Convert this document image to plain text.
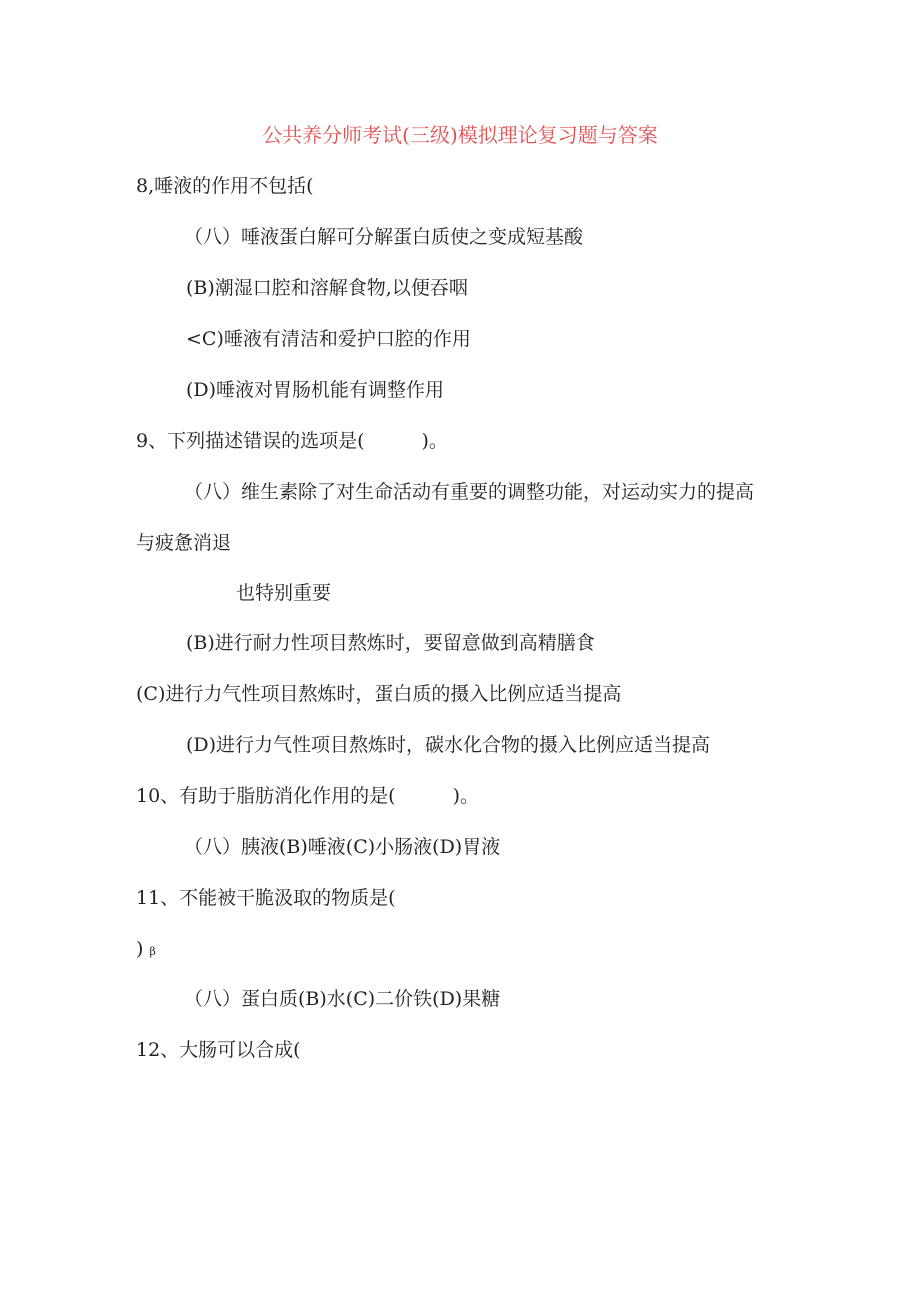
公共养分师考试(三级)模拟理论复习题与答案
8,唾液的作用不包括(
（八）唾液蛋白解可分解蛋白质使之变成短基酸
(B)潮湿口腔和溶解食物,以便吞咽
<C)唾液有清洁和爱护口腔的作用
(D)唾液对胃肠机能有调整作用
9、下列描述错误的选项是(　　　)。
（八）维生素除了对生命活动有重要的调整功能，对运动实力的提高
与疲惫消退
也特别重要
(B)进行耐力性项目熬炼时，要留意做到高精膳食
(C)进行力气性项目熬炼时，蛋白质的摄入比例应适当提高
(D)进行力气性项目熬炼时，碳水化合物的摄入比例应适当提高
10、有助于脂肪消化作用的是(　　　)。
（八）胰液(B)唾液(C)小肠液(D)胃液
11、不能被干脆汲取的物质是(
) β
（八）蛋白质(B)水(C)二价铁(D)果糖
12、大肠可以合成(
